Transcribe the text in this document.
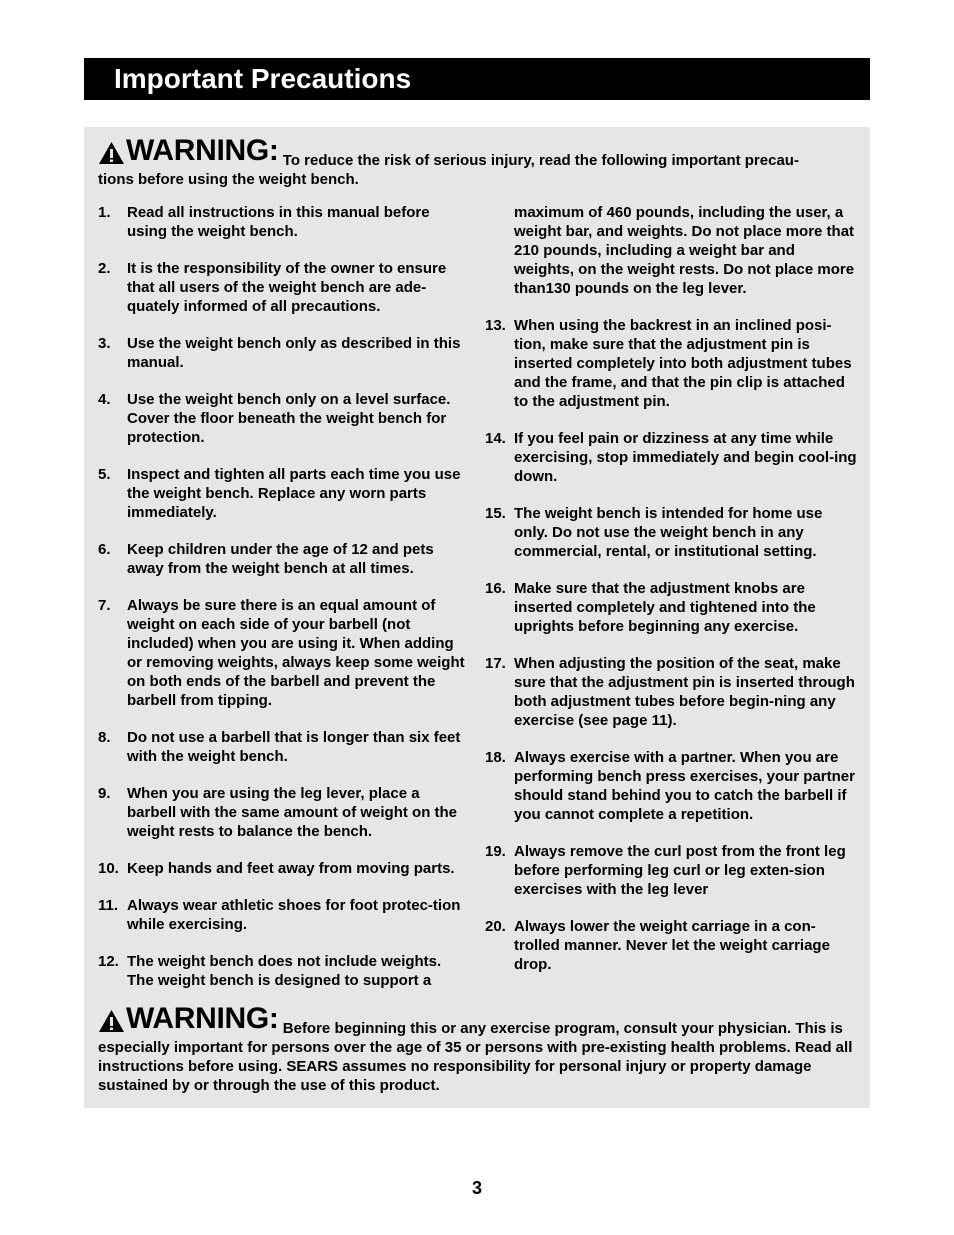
Important Precautions
WARNING: To reduce the risk of serious injury, read the following important precau-
tions before using the weight bench.
1.	Read all instructions in this manual before using the weight bench.
2.	It is the responsibility of the owner to ensure that all users of the weight bench are ade-quately informed of all precautions.
3.	Use the weight bench only as described in this manual.
4.	Use the weight bench only on a level surface. Cover the floor beneath the weight bench for protection.
5.	Inspect and tighten all parts each time you use the weight bench. Replace any worn parts immediately.
6.	Keep children under the age of 12 and pets away from the weight bench at all times.
7.	Always be sure there is an equal amount of weight on each side of your barbell (not included) when you are using it. When adding or removing weights, always keep some weight on both ends of the barbell and prevent the barbell from tipping.
8.	Do not use a barbell that is longer than six feet with the weight bench.
9.	When you are using the leg lever, place a barbell with the same amount of weight on the weight rests to balance the bench.
10. Keep hands and feet away from moving parts.
11. Always wear athletic shoes for foot protec-tion while exercising.
12. The weight bench does not include weights. The weight bench is designed to support a
maximum of 460 pounds, including the user, a weight bar, and weights. Do not place more that 210 pounds, including a weight bar and weights, on the weight rests. Do not place more than130 pounds on the leg lever.
13. When using the backrest in an inclined posi-tion, make sure that the adjustment pin is inserted completely into both adjustment tubes and the frame, and that the pin clip is attached to the adjustment pin.
14. If you feel pain or dizziness at any time while exercising, stop immediately and begin cool-ing down.
15. The weight bench is intended for home use only. Do not use the weight bench in any commercial, rental, or institutional setting.
16. Make sure that the adjustment knobs are inserted completely and tightened into the uprights before beginning any exercise.
17. When adjusting the position of the seat, make sure that the adjustment pin is inserted through both adjustment tubes before begin-ning any exercise (see page 11).
18. Always exercise with a partner. When you are performing bench press exercises, your partner should stand behind you to catch the barbell if you cannot complete a repetition.
19. Always remove the curl post from the front leg before performing leg curl or leg exten-sion exercises with the leg lever
20. Always lower the weight carriage in a con-trolled manner. Never let the weight carriage drop.
WARNING: Before beginning this or any exercise program, consult your physician. This is especially important for persons over the age of 35 or persons with pre-existing health problems. Read all instructions before using. SEARS assumes no responsibility for personal injury or property damage sustained by or through the use of this product.
3
